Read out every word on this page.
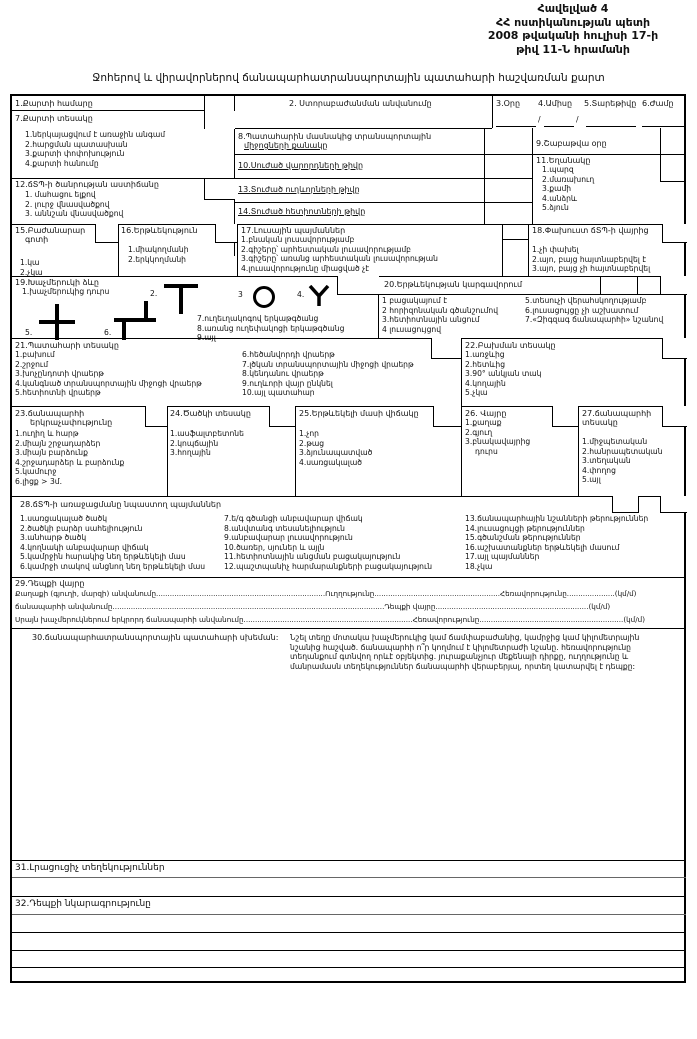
Հավելված 4
ՀՀ ոստիկանության պետի
2008 թվականի հուլիսի 17-ի
թիվ 11-Ն հրամանի
Ջոհերով և վիրավորներով ճանապարհատրանսպորտային պատահարի հաշվառման քարտ
1.Քարտի համարը	2. Ստորաբաժանման անվանումը	3.Օրը 4.Ամիսը 5.Տարեթիվը 6.Ժամը
/	/
7.Քարտի տեսակը
1.ներկայացվում է առաջին անգամ
2.հարցման պատասխան
3.քարտի փոփոխություն
4.քարտի հանումը
8.Պատահարին մասնակից տրանսպորտային
միջոցների քանակը
10.Սուժած վարորդների թիվը
13.Տուժած ուղևորների թիվը
14.Տուժած հետիոտների թիվը
9.Շաբաթվա օրը
11.Եղանակը
1.պարզ
2.մառախուղ
3.քամի
4.անձրև
5.ձյուն
12.ճՏՊ-ի ծանրության աստիճանը
1. մահացու ելքով
2. լուրջ վնասվածքով
3. աննշան վնասվածքով
15.Բաժանարար
գոտի
1.կա
2.չկա
16.Երթևեկություն
1.միակողմանի
2.երկկողմանի
17.Լուսային պայմաններ
1.բնական լուսավորությամբ
2.գիշերը՝ արհեստական լուսավորությամբ
3.գիշերը՝ առանց արհեստական լուսավորության
4.լուսավորությունը միացված չէ
18.Փախուստ ճՏՊ-ի վայրից
1.չի փախել
2.այո, բայց հայտնաբերվել է
3.այո, բայց չի հայտնաբերվել
19.Խաչմերուկի ձևը
1.խաչմերուկից դուրս	2.	3	4.
5.	6.
7.ուղեւղակոգով երկաթգծանց
8.առանց ուղեփակոցի երկաթգծանց
9.այլ
20.Երթևեկության կարգավորում
1 բացակայում է
2 հորիզոնական գծանշումով
3.հետիոտնային անցում
4 լուսացույցով
5.տեսուչի վերահսկողությամբ
6.լուսացույցը չի աշխատում
7.«Զիգզագ ճանապարհի» նշանով
21.Պատահարի տեսակը
1.բախում
2.շրջում
3.խոչընդոտի վրաերթ
4.կանգնած տրանսպորտային միջոցի վրաերթ
5.հետիոտնի վրաերթ
6.հեծանվորդի վրաերթ
7.լծկան տրանսպորտային միջոցի վրաերթ
8.կենդանու վրաերթ
9.ուղևորի վայր ընկնել
10.այլ պատահար
22.Բախման տեսակը
1.առջևից
2.հետևից
3.90° անկյան տակ
4.կողային
5.չկա
23.ճանապարհի
երկրաչափությունը
1.ուղիղ և հարթ
2.միայն շրջադարձեր
3.միայն բարձունք
4.շրջադարձեր և բարձունք
5.կամուրջ
6.լիցք > 3մ.
24.Ծածկի տեսակը
1.ասֆալտբետոնե
2.կոպճային
3.հողային
25.Երթևեկելի մասի վիճակը
1.չոր
2.թաց
3.ձյունապատված
4.սառցակալած
26. Վայրը
1.քաղաք
2.գյուղ
3.բնակավայրից
դուրս
27.ճանապարհի
տեսակը
1.միջպետական
2.հանրապետական
3.տեղական
4.փողոց
5.այլ
28.ճՏՊ-ի առաջացմանը նպաստող պայմաններ
1.սառցակալած ծածկ
2.ծածկի բարձր սահելիություն
3.անհարթ ծածկ
4.կողնակի անբավարար վիճակ
5.կամրջին հարակից նեղ երթևեկելի մաս
6.կամրջի տակով անցնող նեղ երթևեկելի մաս
7.ե/գ գծանցի անբավարար վիճակ
8.անվտանգ տեսանելիություն
9.անբավարար լուսավորություն
10.ծառեր, սյուներ և այլն
11.հետիոտնային անցման բացակայություն
12.պաշտպանիչ հարմարանքների բացակայություն
13.ճանապարհային նշանների թերություններ
14.լուսացույցի թերություններ
15.գծանշման թերություններ
16.աշխատանքներ երթևեկելի մասում
17.այլ պայմաններ
18.չկա
29.Դեպքի վայրը
Քաղաքի (գյուղի, մարզի) անվանումը..........................................................................Ուղղությունը.......................................................Հեռավորությունը.....................(կմ/մ)
ճանապարհի անվանումը.......................................................................................................................Դեպքի վայրը...................................................................(կմ/մ)
Սրայն խաչմերուկներում երկրորդ ճանապարհի անվանումը..........................................................................Հեռավորությունը...............................................................(կմ/մ)
30.ճանապարհատրանսպորտային պատահարի սխեման: Նշել տեղը մոտակա խաչմերուկից կամ ճամփաբաժանից, կամրջից կամ կիլոմետրային
նշանից հաշված. ճանապարհի ո՞ր կողմում է կիլոմետրաժի նշանը. հեռավորությունը
տեղանքում գտնվող որևէ օբյեկտից. յուրաքանչյուր մեքենայի դիրքը, ուղղությունը և
մանրամասն տեղեկություններ ճանապարհի վերաբերյալ, որտեղ կատարվել է դեպքը:
31.Լրացուցիչ տեղեկություններ
32.Դեպքի նկարագրությունը
